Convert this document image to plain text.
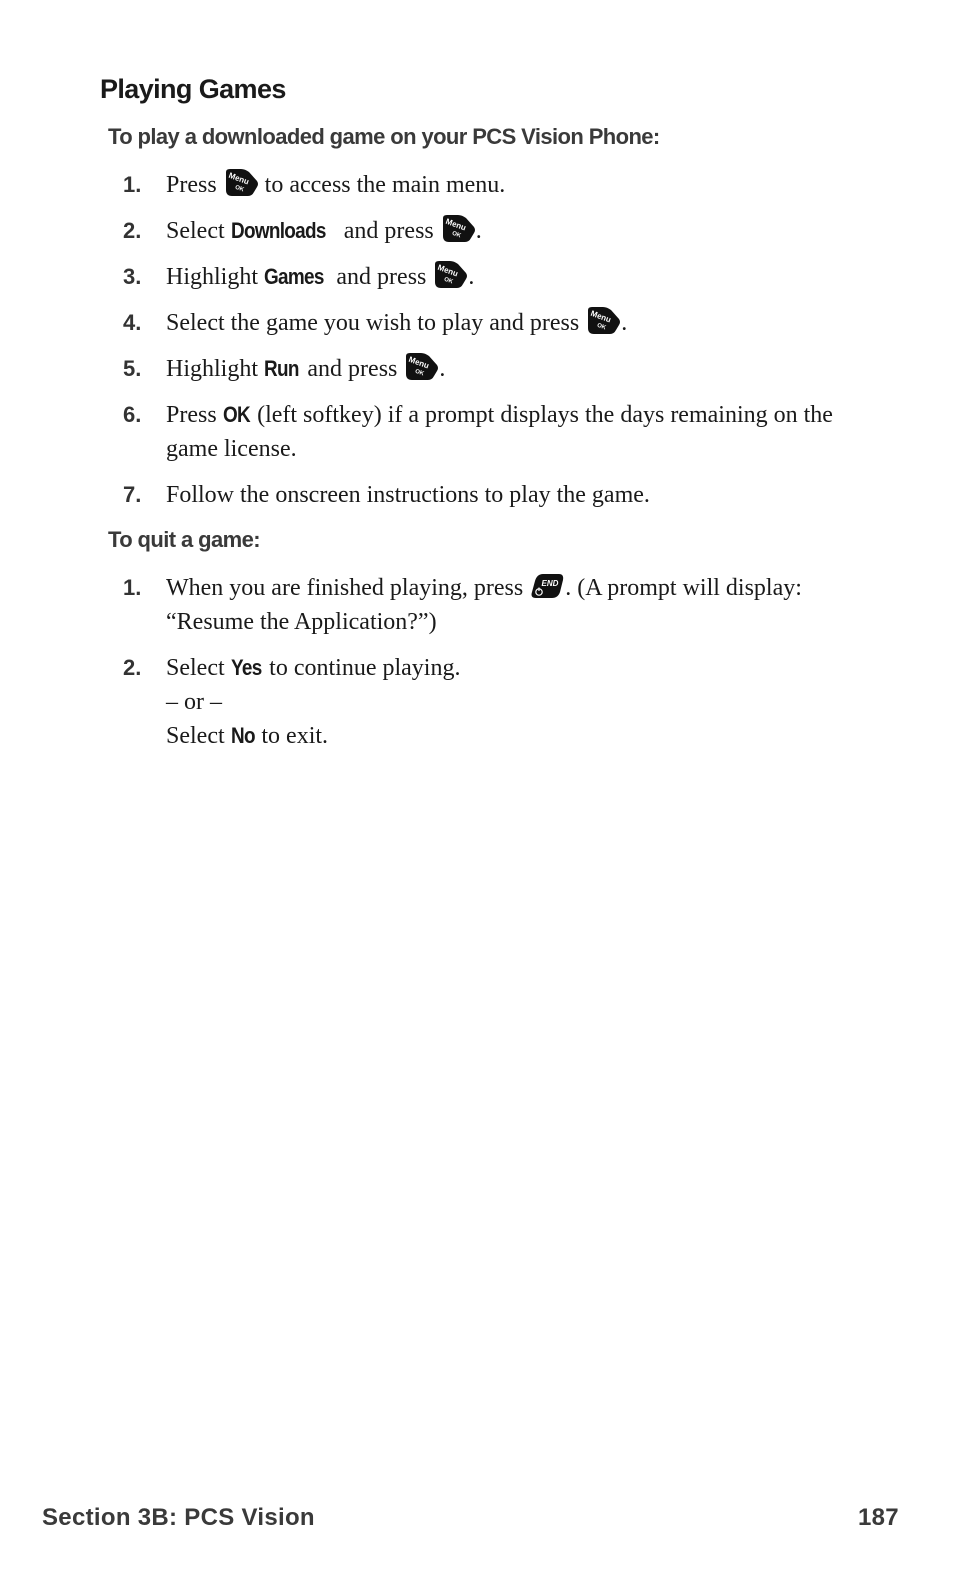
Playing Games
To play a downloaded game on your PCS Vision Phone:
1. Press Menu
OK to access the main menu.
2. Select Downloads and press Menu
OK .
3. Highlight Games and press Menu
OK .
4. Select the game you wish to play and press Menu
OK .
5. Highlight Run and press Menu
OK .
6. Press OK (left softkey) if a prompt displays the days remaining on the game license.
7. Follow the onscreen instructions to play the game.
To quit a game:
1. When you are finished playing, press END . (A prompt will display: “Resume the Application?”)
2. Select Yes to continue playing.
– or –
Select No to exit.
Section 3B: PCS Vision	187
